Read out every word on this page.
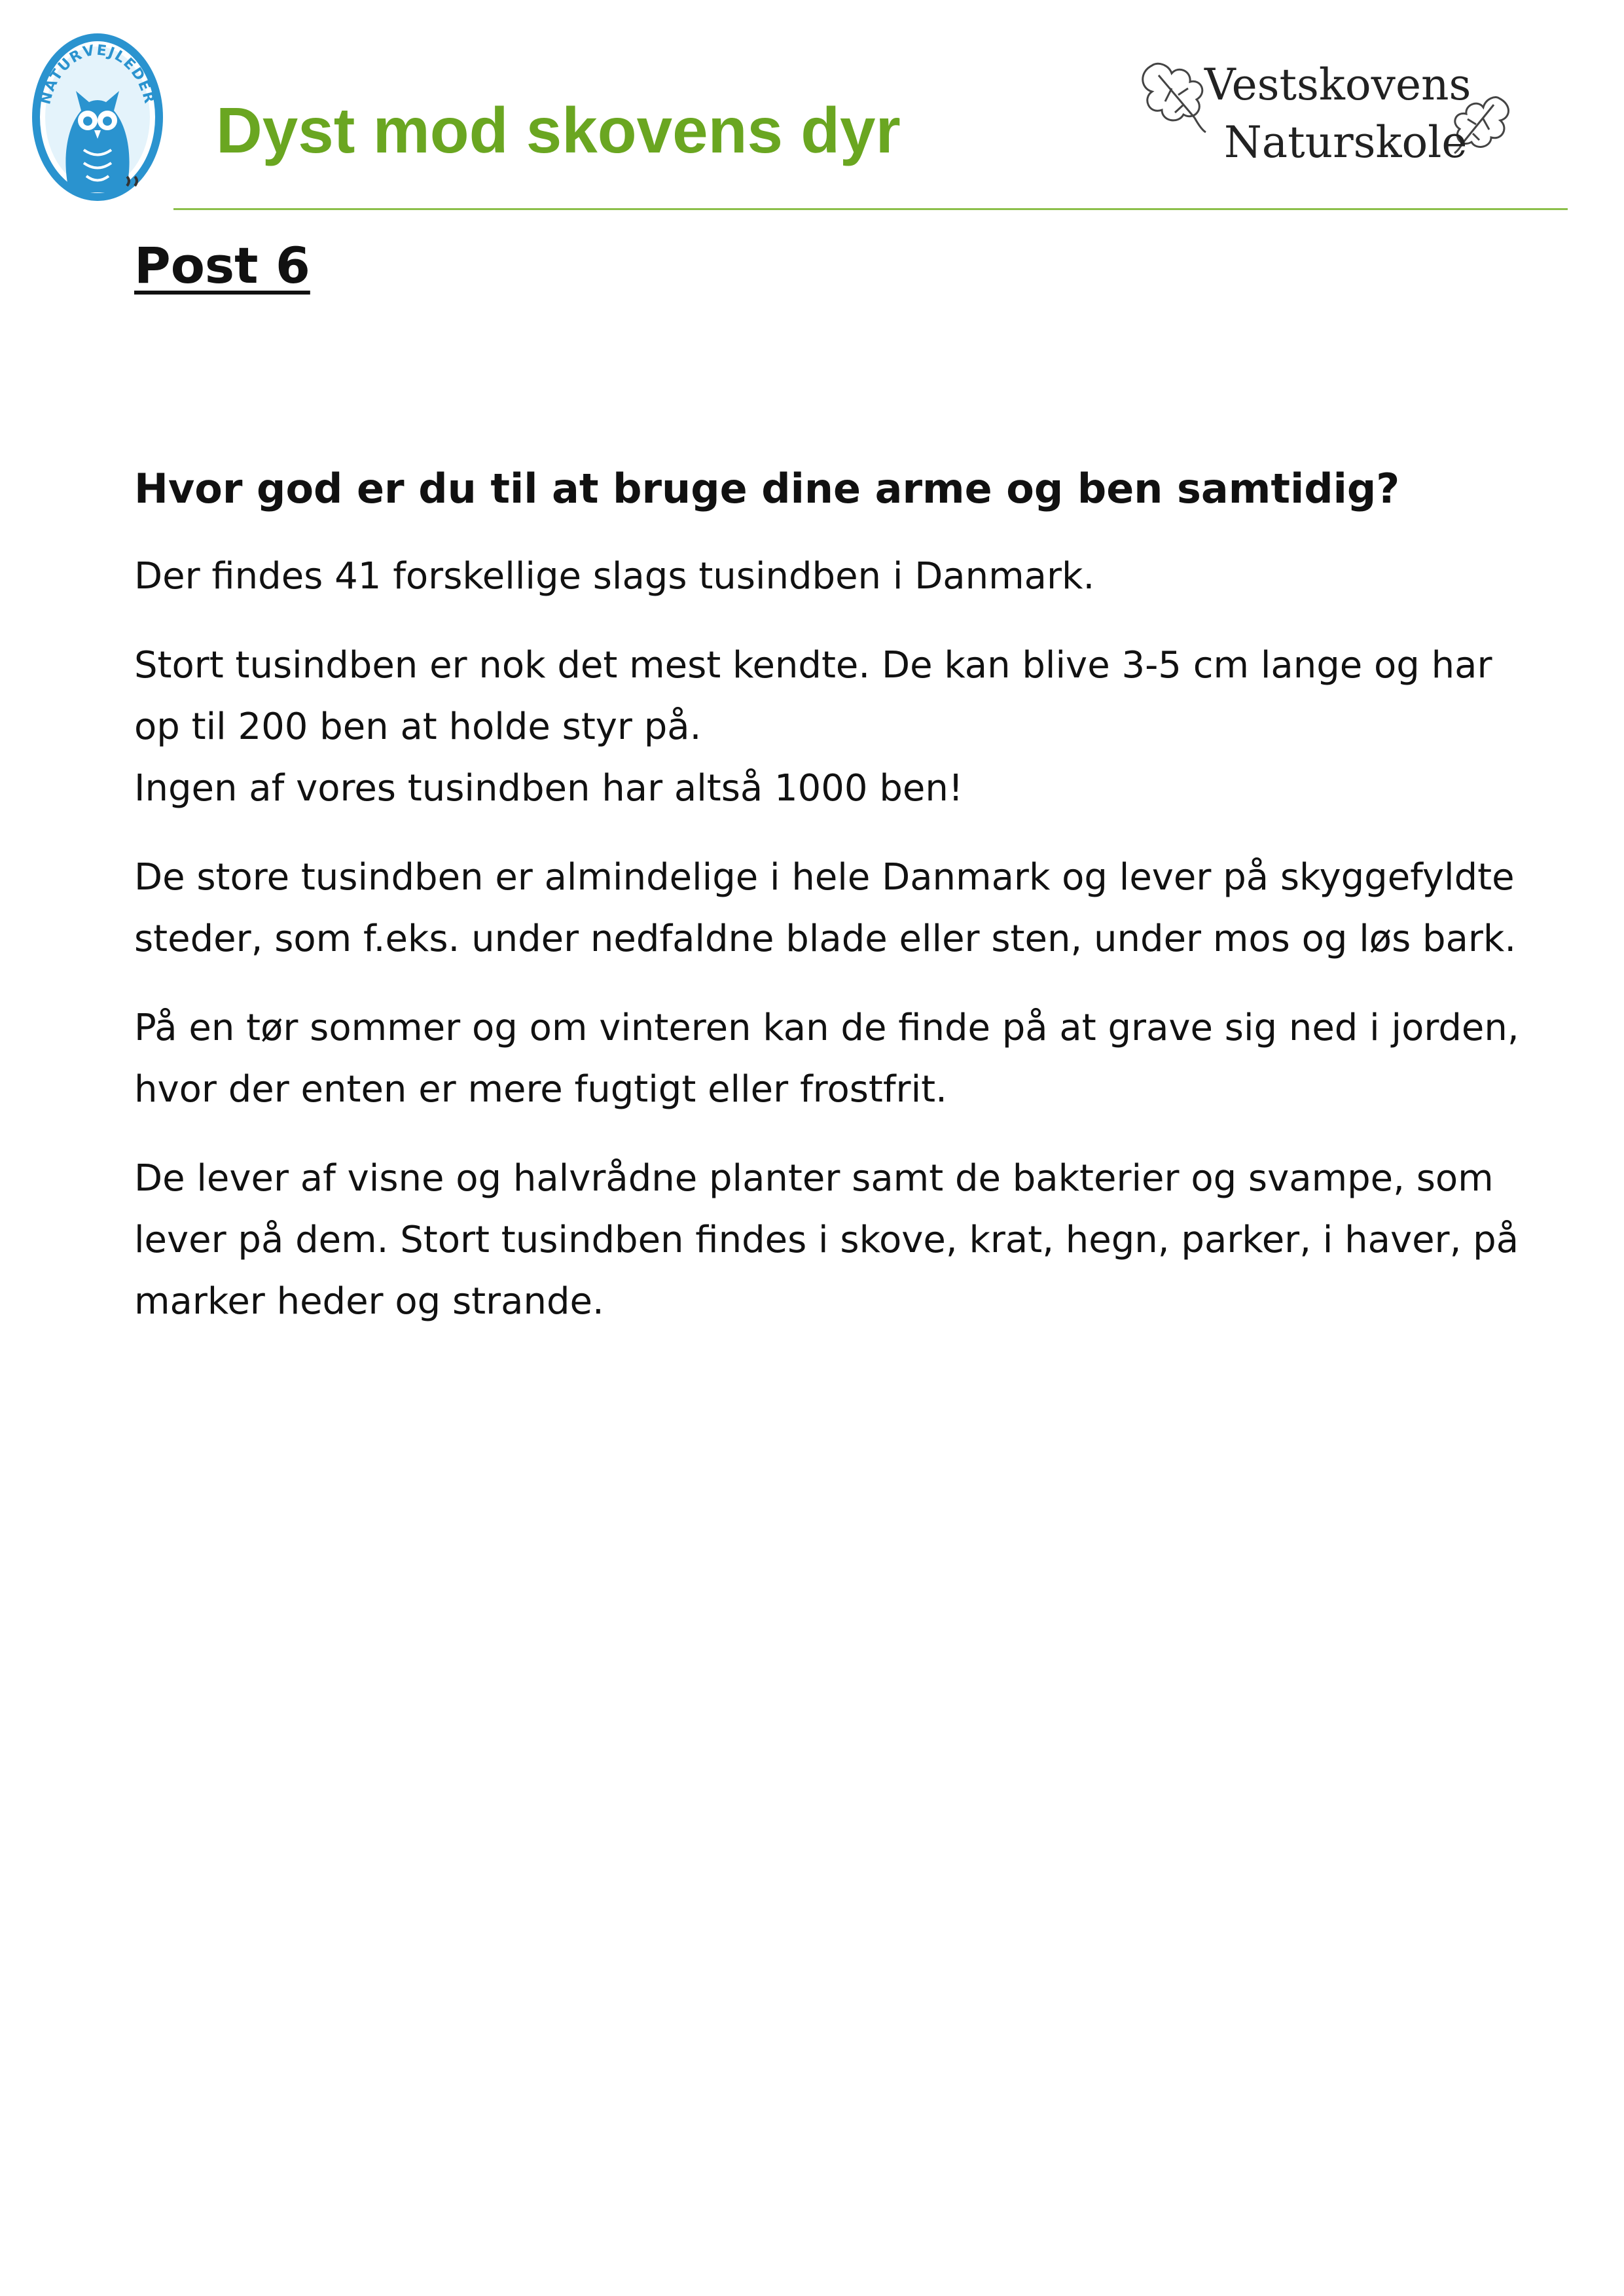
NATURVEJLEDER Dyst mod skovens dyr
Vestskovens
Naturskole
Post 6
Hvor god er du til at bruge dine arme og ben samtidig?
Der findes 41 forskellige slags tusindben i Danmark.
Stort tusindben er nok det mest kendte. De kan blive 3-5 cm lange og har
op til 200 ben at holde styr på.
Ingen af vores tusindben har altså 1000 ben!
De store tusindben er almindelige i hele Danmark og lever på skyggefyldte
steder, som f.eks. under nedfaldne blade eller sten, under mos og løs bark.
På en tør sommer og om vinteren kan de finde på at grave sig ned i jorden,
hvor der enten er mere fugtigt eller frostfrit.
De lever af visne og halvrådne planter samt de bakterier og svampe, som
lever på dem. Stort tusindben findes i skove, krat, hegn, parker, i haver, på
marker heder og strande.
